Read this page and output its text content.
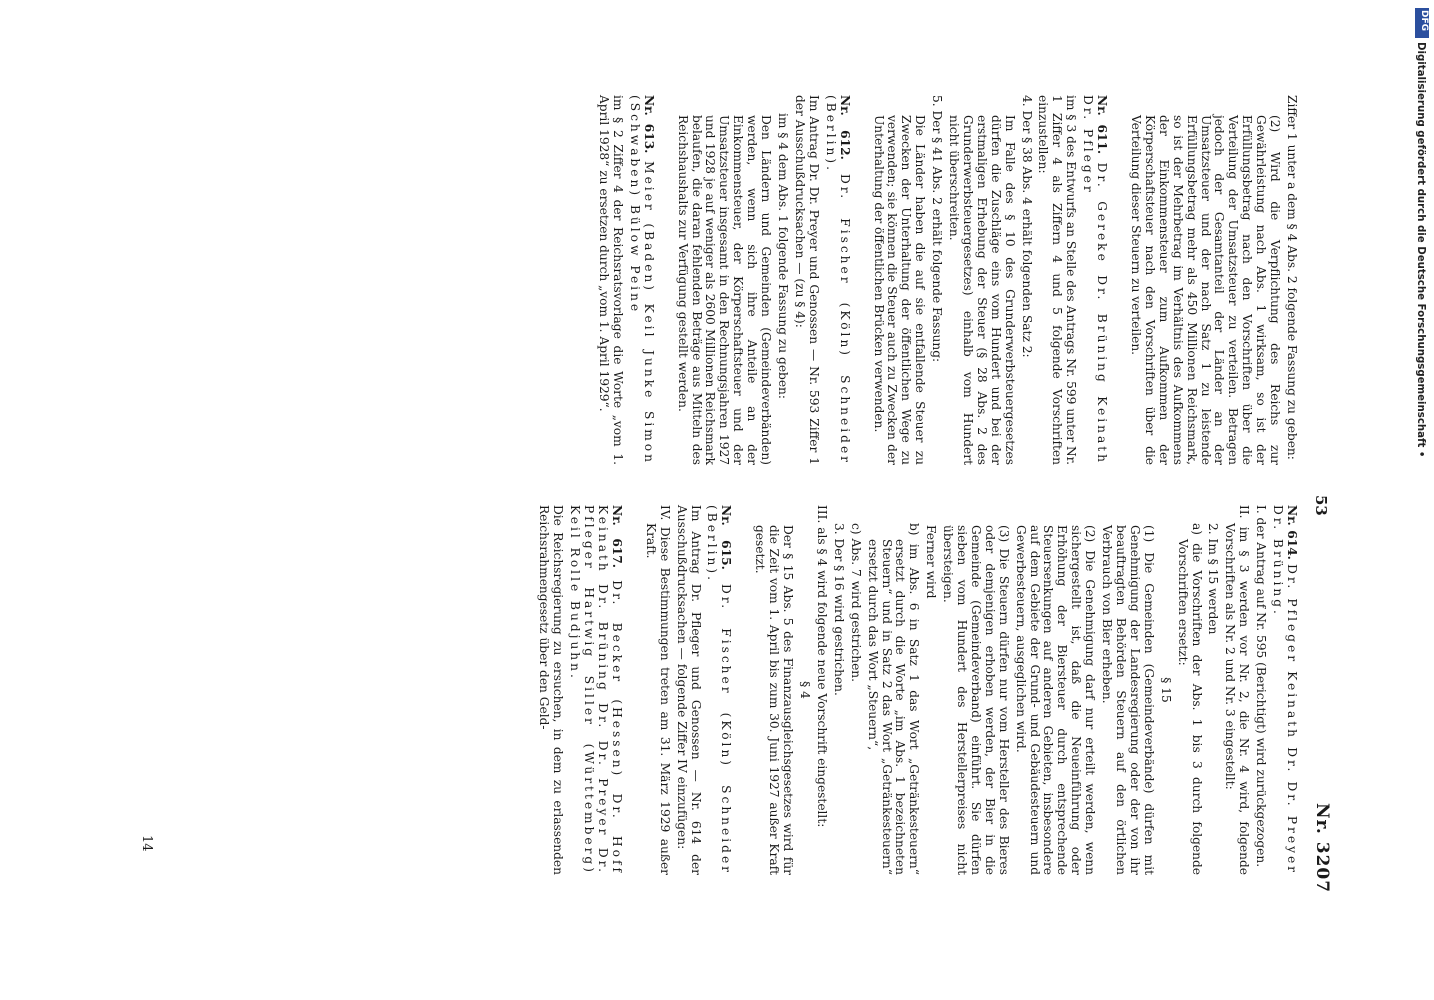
53
Nr. 3207

Ziffer 1 unter a dem § 4 Abs. 2 folgende Fassung zu geben:

(2) Wird die Verpflichtung des Reichs zur Gewährleistung nach Abs. 1 wirksam, so ist der Erfüllungsbetrag nach den Vorschriften über die Verteilung der Umsatzsteuer zu verteilen. Betragen jedoch der Gesamtanteil der Länder an der Umsatzsteuer und der nach Satz 1 zu leistende Erfüllungsbetrag mehr als 450 Millionen Reichsmark, so ist der Mehrbetrag im Verhältnis des Aufkommens der Einkommensteuer zum Aufkommen der Körperschaftsteuer nach den Vorschriften über die Verteilung dieser Steuern zu verteilen.

Nr. 611. Dr. Gereke Dr. Brüning Keinath Dr. Pfleger

im § 3 des Entwurfs an Stelle des Antrags Nr. 599 unter Nr. 1 Ziffer 4 als Ziffern 4 und 5 folgende Vorschriften einzustellen:

4. Der § 38 Abs. 4 erhält folgenden Satz 2:

Im Falle des § 10 des Grunderwerbsteuergesetzes dürfen die Zuschläge eins vom Hundert und bei der erstmaligen Erhebung der Steuer (§ 28 Abs. 2 des Grunderwerbsteuergesetzes) einhalb vom Hundert nicht überschreiten.

5. Der § 41 Abs. 2 erhält folgende Fassung:

Die Länder haben die auf sie entfallende Steuer zu Zwecken der Unterhaltung der öffentlichen Wege zu verwenden; sie können die Steuer auch zu Zwecken der Unterhaltung der öffentlichen Brücken verwenden.

Nr. 612. Dr. Fischer (Köln) Schneider (Berlin).

Im Antrag Dr. Dr. Preyer und Genossen — Nr. 593 Ziffer 1 der Ausschußdrucksachen — (zu § 4):

im § 4 dem Abs. 1 folgende Fassung zu geben:

Den Ländern und Gemeinden (Gemeindeverbänden) werden, wenn sich ihre Anteile an der Einkommensteuer, der Körperschaftsteuer und der Umsatzsteuer insgesamt in den Rechnungsjahren 1927 und 1928 je auf weniger als 2600 Millionen Reichsmark belaufen, die daran fehlenden Beträge aus Mitteln des Reichshaushalts zur Verfügung gestellt werden.

Nr. 613. Meier (Baden) Keil Junke Simon (Schwaben) Bülow Peine

im § 2 Ziffer 4 der Reichsratsvorlage die Worte „vom 1. April 1928“ zu ersetzen durch „vom 1. April 1929“.

Nr. 614. Dr. Pfleger Keinath Dr. Dr. Preyer Dr. Brüning.

I. der Antrag auf Nr. 595 (Berichtigt) wird zurückgezogen.

II. im § 3 werden vor Nr. 2, die Nr. 4 wird, folgende Vorschriften als Nr. 2 und Nr. 3 eingestellt:

2. Im § 15 werden

a) die Vorschriften der Abs. 1 bis 3 durch folgende Vorschriften ersetzt:

§ 15

(1) Die Gemeinden (Gemeindeverbände) dürfen mit Genehmigung der Landesregierung oder der von ihr beauftragten Behörden Steuern auf den örtlichen Verbrauch von Bier erheben.

(2) Die Genehmigung darf nur erteilt werden, wenn sichergestellt ist, daß die Neueinführung oder Erhöhung der Biersteuer durch entsprechende Steuersenkungen auf anderen Gebieten, insbesondere auf dem Gebiete der Grund- und Gebäudesteuern und Gewerbesteuern, ausgeglichen wird.

(3) Die Steuern dürfen nur vom Hersteller des Bieres oder demjenigen erhoben werden, der Bier in die Gemeinde (Gemeindeverband) einführt. Sie dürfen sieben vom Hundert des Herstellerpreises nicht übersteigen.

Ferner wird

b) im Abs. 6 in Satz 1 das Wort „Getränkesteuern“ ersetzt durch die Worte „im Abs. 1 bezeichneten Steuern“ und in Satz 2 das Wort „Getränkesteuern“ ersetzt durch das Wort „Steuern“,

c) Abs. 7 wird gestrichen.

3. Der § 16 wird gestrichen.

III. als § 4 wird folgende neue Vorschrift eingestellt:

§ 4

Der § 15 Abs. 5 des Finanzausgleichsgesetzes wird für die Zeit vom 1. April bis zum 30. Juni 1927 außer Kraft gesetzt.

Nr. 615. Dr. Fischer (Köln) Schneider (Berlin).

Im Antrag Dr. Pfleger und Genossen — Nr. 614 der Ausschußdrucksachen — folgende Ziffer IV einzufügen:

IV. Diese Bestimmungen treten am 31. März 1929 außer Kraft.

Nr. 617. Dr. Becker (Hessen) Dr. Hoff Keinath Dr. Brüning Dr. Dr. Preyer Dr. Pfleger Hartwig Siller (Württemberg) Keil Rolle Budjuhn.

Die Reichsregierung zu ersuchen, in dem zu erlassenden Reichsrahmengesetz über den Geld-

14
DFG
Digitalisierung gefördert durch die Deutsche Forschungsgemeinschaft •
